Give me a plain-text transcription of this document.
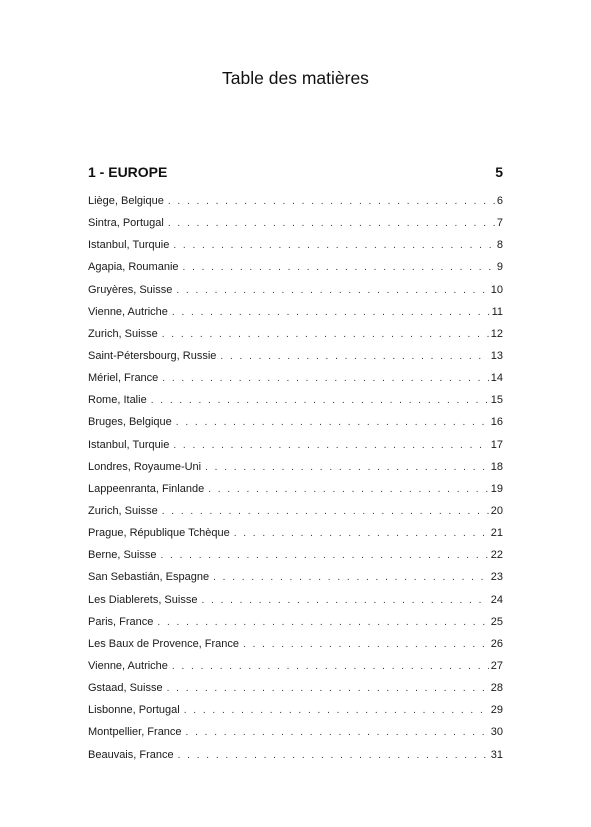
Table des matières
1 - EUROPE	5
Liège, Belgique . . .	6
Sintra, Portugal . . .	7
Istanbul, Turquie . . .	8
Agapia, Roumanie . . .	9
Gruyères, Suisse . . .	10
Vienne, Autriche . . .	11
Zurich, Suisse . . .	12
Saint-Pétersbourg, Russie . . .	13
Mériel, France . . .	14
Rome, Italie . . .	15
Bruges, Belgique . . .	16
Istanbul, Turquie . . .	17
Londres, Royaume-Uni . . .	18
Lappeenranta, Finlande . . .	19
Zurich, Suisse . . .	20
Prague, République Tchèque . . .	21
Berne, Suisse . . .	22
San Sebastián, Espagne . . .	23
Les Diablerets, Suisse . . .	24
Paris, France . . .	25
Les Baux de Provence, France . . .	26
Vienne, Autriche . . .	27
Gstaad, Suisse . . .	28
Lisbonne, Portugal . . .	29
Montpellier, France . . .	30
Beauvais, France . . .	31
